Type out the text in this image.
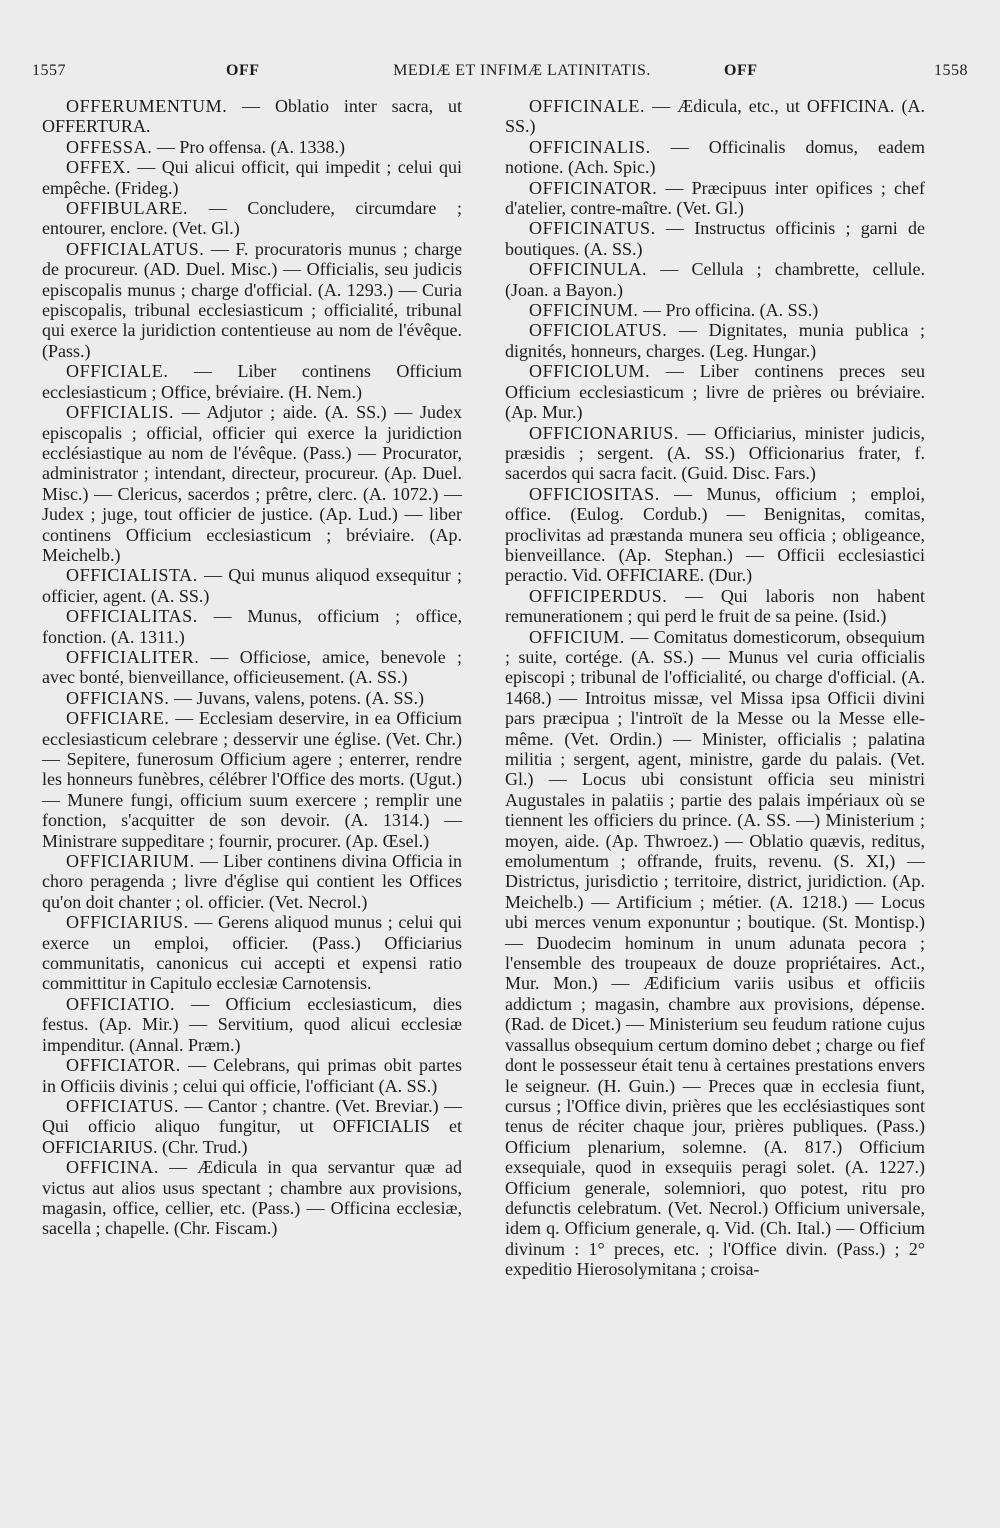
1557	OFF	MEDIÆ ET INFIMÆ LATINITATIS.	OFF	1558

OFFERUMENTUM. — Oblatio inter sacra, ut OFFERTURA.

OFFESSA. — Pro offensa. (A. 1338.)

OFFEX. — Qui alicui officit, qui impedit ; celui qui empêche. (Frideg.)

OFFIBULARE. — Concludere, circumdare ; entourer, enclore. (Vet. Gl.)

OFFICIALATUS. — F. procuratoris munus ; charge de procureur. (AD. Duel. Misc.) — Officialis, seu judicis episcopalis munus ; charge d'official. (A. 1293.) — Curia episcopalis, tribunal ecclesiasticum ; officialité, tribunal qui exerce la juridiction contentieuse au nom de l'évêque. (Pass.)

OFFICIALE. — Liber continens Officium ecclesiasticum ; Office, bréviaire. (H. Nem.)

OFFICIALIS. — Adjutor ; aide. (A. SS.) — Judex episcopalis ; official, officier qui exerce la juridiction ecclésiastique au nom de l'évêque. (Pass.) — Procurator, administrator ; intendant, directeur, procureur. (Ap. Duel. Misc.) — Clericus, sacerdos ; prêtre, clerc. (A. 1072.) — Judex ; juge, tout officier de justice. (Ap. Lud.) — liber continens Officium ecclesiasticum ; bréviaire. (Ap. Meichelb.)

OFFICIALISTA. — Qui munus aliquod exsequitur ; officier, agent. (A. SS.)

OFFICIALITAS. — Munus, officium ; office, fonction. (A. 1311.)

OFFICIALITER. — Officiose, amice, benevole ; avec bonté, bienveillance, officieusement. (A. SS.)

OFFICIANS. — Juvans, valens, potens. (A. SS.)

OFFICIARE. — Ecclesiam deservire, in ea Officium ecclesiasticum celebrare ; desservir une église. (Vet. Chr.) — Sepitere, funerosum Officium agere ; enterrer, rendre les honneurs funèbres, célébrer l'Office des morts. (Ugut.) — Munere fungi, officium suum exercere ; remplir une fonction, s'acquitter de son devoir. (A. 1314.) — Ministrare suppeditare ; fournir, procurer. (Ap. Œsel.)

OFFICIARIUM. — Liber continens divina Officia in choro peragenda ; livre d'église qui contient les Offices qu'on doit chanter ; ol. officier. (Vet. Necrol.)

OFFICIARIUS. — Gerens aliquod munus ; celui qui exerce un emploi, officier. (Pass.) Officiarius communitatis, canonicus cui accepti et expensi ratio committitur in Capitulo ecclesiæ Carnotensis.

OFFICIATIO. — Officium ecclesiasticum, dies festus. (Ap. Mir.) — Servitium, quod alicui ecclesiæ impenditur. (Annal. Præm.)

OFFICIATOR. — Celebrans, qui primas obit partes in Officiis divinis ; celui qui officie, l'officiant (A. SS.)

OFFICIATUS. — Cantor ; chantre. (Vet. Breviar.) — Qui officio aliquo fungitur, ut OFFICIALIS et OFFICIARIUS. (Chr. Trud.)

OFFICINA. — Ædicula in qua servantur quæ ad victus aut alios usus spectant ; chambre aux provisions, magasin, office, cellier, etc. (Pass.) — Officina ecclesiæ, sacella ; chapelle. (Chr. Fiscam.)

OFFICINALE. — Ædicula, etc., ut OFFICINA. (A. SS.)

OFFICINALIS. — Officinalis domus, eadem notione. (Ach. Spic.)

OFFICINATOR. — Præcipuus inter opifices ; chef d'atelier, contre-maître. (Vet. Gl.)

OFFICINATUS. — Instructus officinis ; garni de boutiques. (A. SS.)

OFFICINULA. — Cellula ; chambrette, cellule. (Joan. a Bayon.)

OFFICINUM. — Pro officina. (A. SS.)

OFFICIOLATUS. — Dignitates, munia publica ; dignités, honneurs, charges. (Leg. Hungar.)

OFFICIOLUM. — Liber continens preces seu Officium ecclesiasticum ; livre de prières ou bréviaire. (Ap. Mur.)

OFFICIONARIUS. — Officiarius, minister judicis, præsidis ; sergent. (A. SS.) Officionarius frater, f. sacerdos qui sacra facit. (Guid. Disc. Fars.)

OFFICIOSITAS. — Munus, officium ; emploi, office. (Eulog. Cordub.) — Benignitas, comitas, proclivitas ad præstanda munera seu officia ; obligeance, bienveillance. (Ap. Stephan.) — Officii ecclesiastici peractio. Vid. OFFICIARE. (Dur.)

OFFICIPERDUS. — Qui laboris non habent remunerationem ; qui perd le fruit de sa peine. (Isid.)

OFFICIUM. — Comitatus domesticorum, obsequium ; suite, cortége. (A. SS.) — Munus vel curia officialis episcopi ; tribunal de l'officialité, ou charge d'official. (A. 1468.) — Introitus missæ, vel Missa ipsa Officii divini pars præcipua ; l'introït de la Messe ou la Messe elle-même. (Vet. Ordin.) — Minister, officialis ; palatina militia ; sergent, agent, ministre, garde du palais. (Vet. Gl.) — Locus ubi consistunt officia seu ministri Augustales in palatiis ; partie des palais impériaux où se tiennent les officiers du prince. (A. SS. —) Ministerium ; moyen, aide. (Ap. Thwroez.) — Oblatio quævis, reditus, emolumentum ; offrande, fruits, revenu. (S. XI,) — Districtus, jurisdictio ; territoire, district, juridiction. (Ap. Meichelb.) — Artificium ; métier. (A. 1218.) — Locus ubi merces venum exponuntur ; boutique. (St. Montisp.) — Duodecim hominum in unum adunata pecora ; l'ensemble des troupeaux de douze propriétaires. Act., Mur. Mon.) — Ædificium variis usibus et officiis addictum ; magasin, chambre aux provisions, dépense. (Rad. de Dicet.) — Ministerium seu feudum ratione cujus vassallus obsequium certum domino debet ; charge ou fief dont le possesseur était tenu à certaines prestations envers le seigneur. (H. Guin.) — Preces quæ in ecclesia fiunt, cursus ; l'Office divin, prières que les ecclésiastiques sont tenus de réciter chaque jour, prières publiques. (Pass.) Officium plenarium, solemne. (A. 817.) Officium exsequiale, quod in exsequiis peragi solet. (A. 1227.) Officium generale, solemniori, quo potest, ritu pro defunctis celebratum. (Vet. Necrol.) Officium universale, idem q. Officium generale, q. Vid. (Ch. Ital.) — Officium divinum : 1° preces, etc. ; l'Office divin. (Pass.) ; 2° expeditio Hierosolymitana ; croisa-
